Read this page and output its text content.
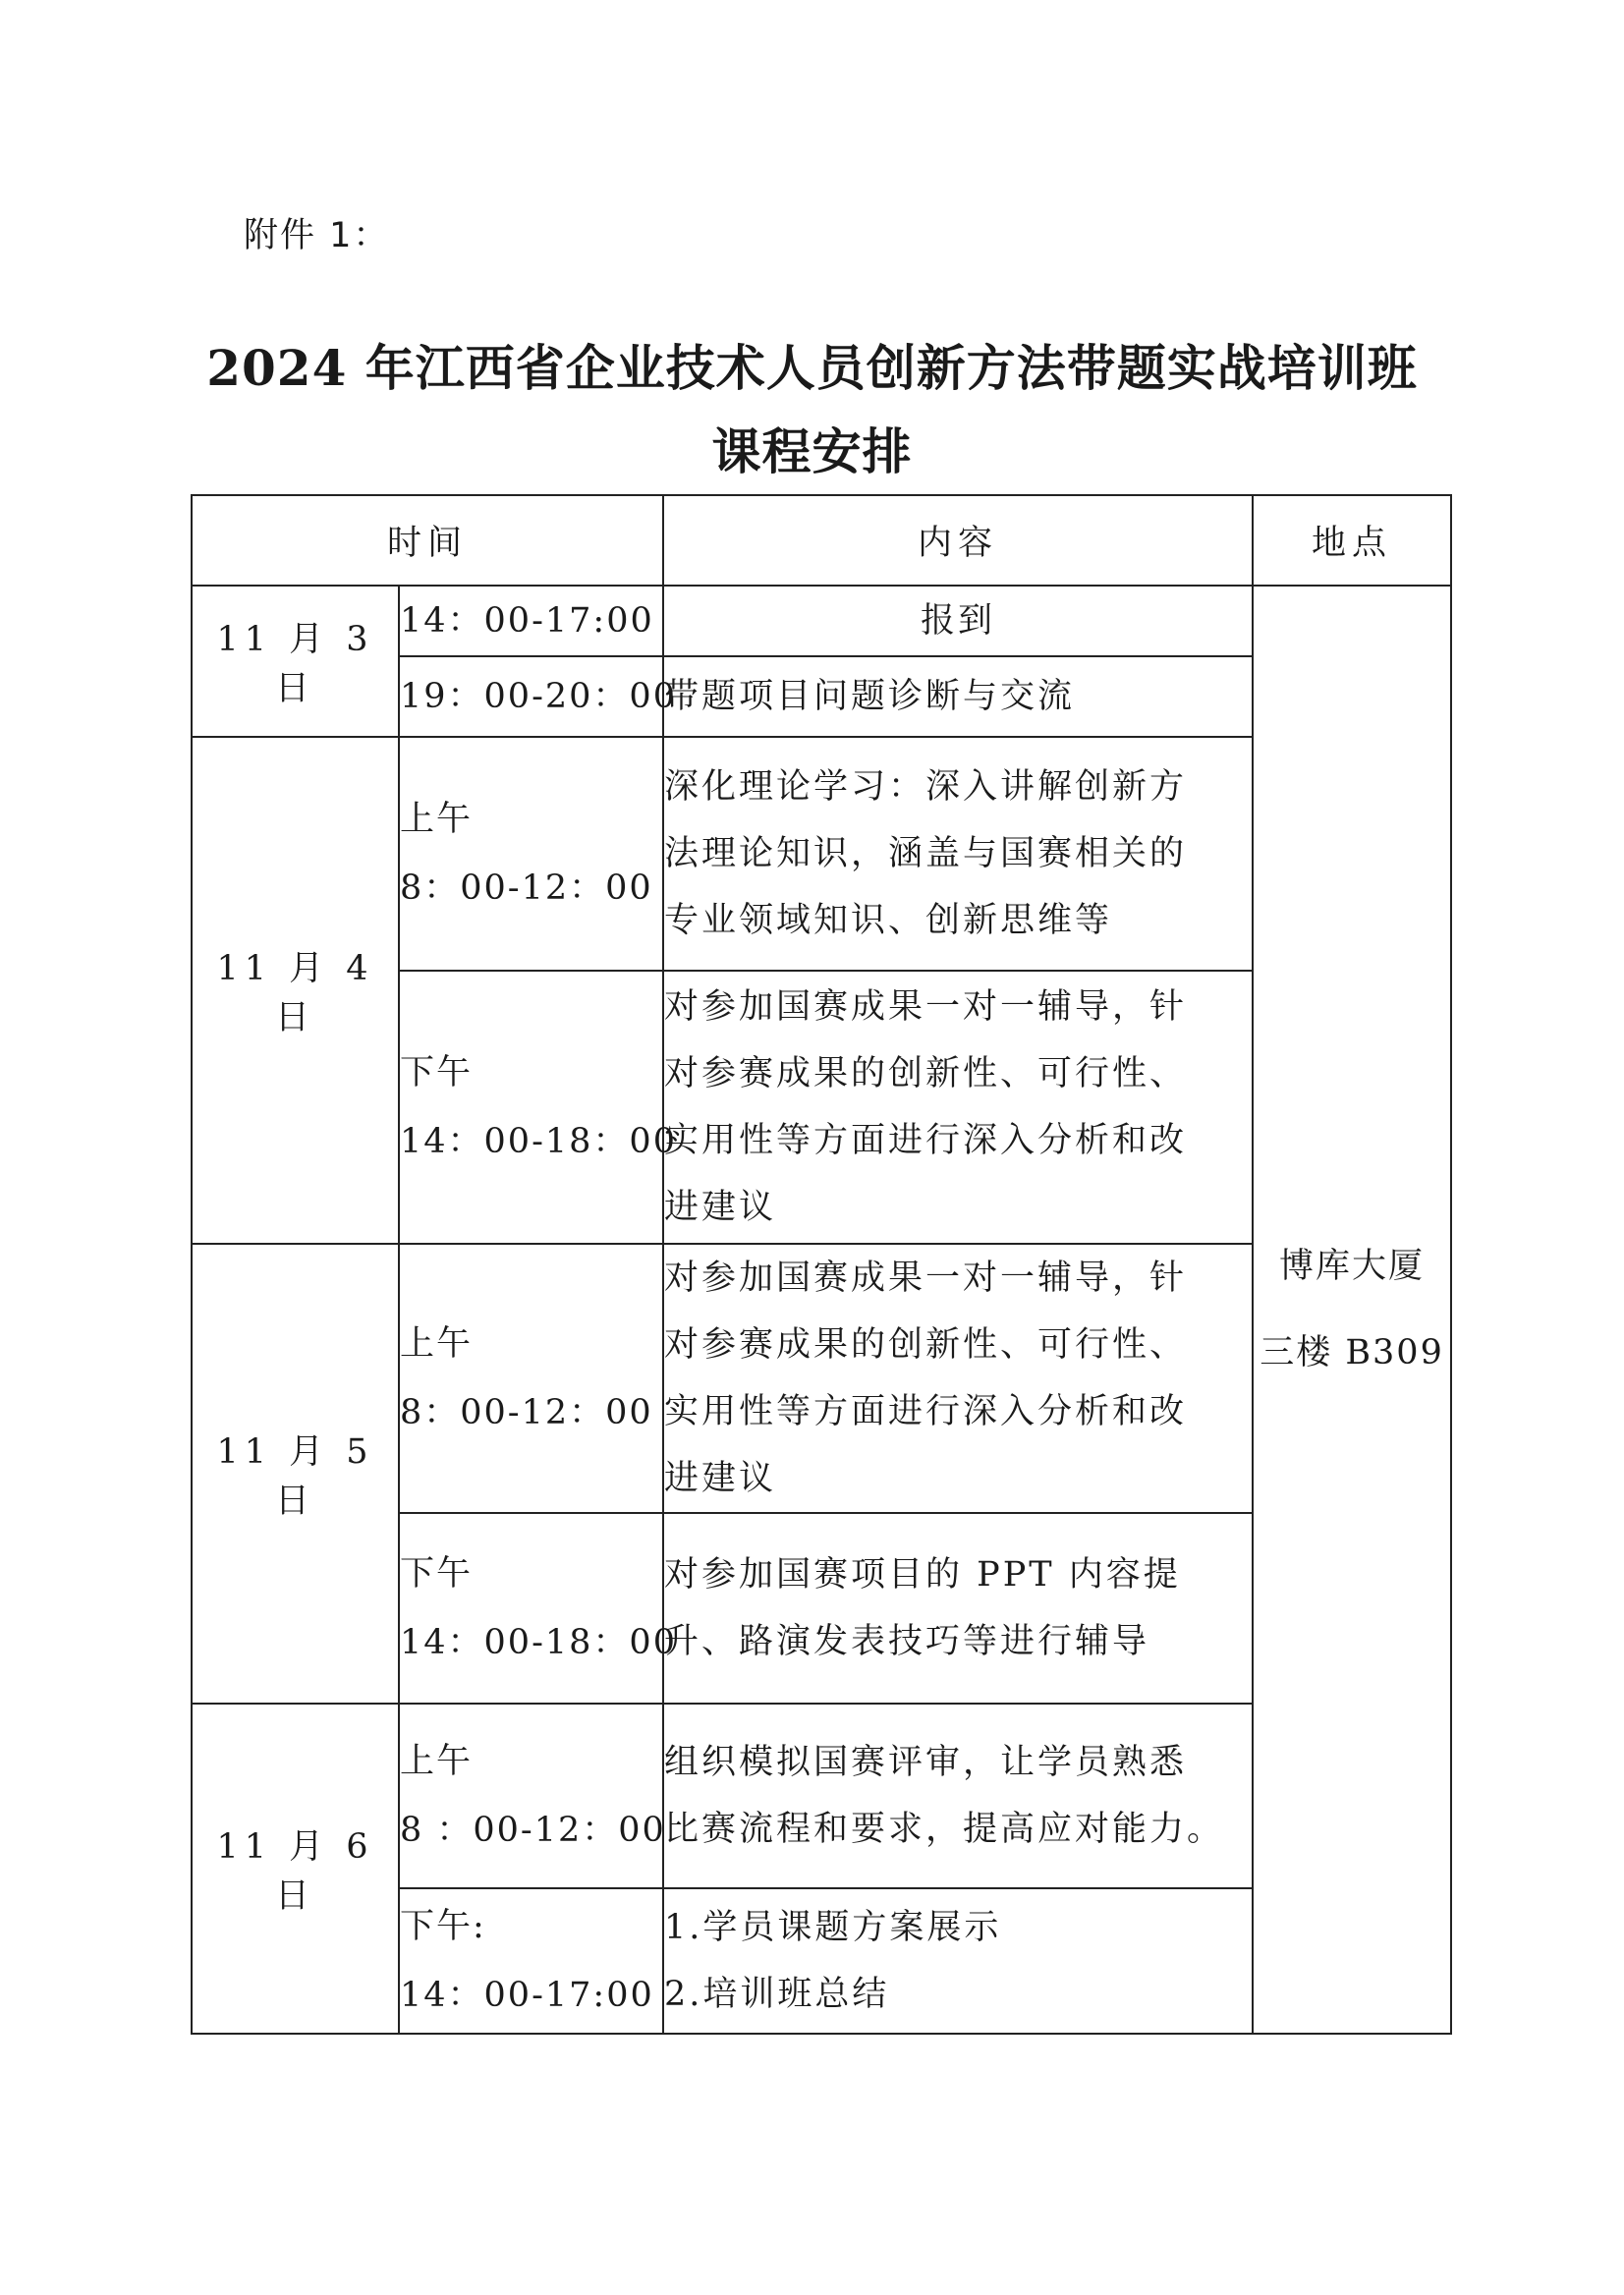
附件 1：
2024 年江西省企业技术人员创新方法带题实战培训班
课程安排
时间		内容	地点
11 月 3 日	14：00-17:00	报到	博库大厦
三楼 B309

	19：00-20：00	带题项目问题诊断与交流	

11 月 4 日	上午
8：00-12：00	深化理论学习：深入讲解创新方
法理论知识，涵盖与国赛相关的
专业领域知识、创新思维等	

	下午
14：00-18：00	对参加国赛成果一对一辅导，针
对参赛成果的创新性、可行性、
实用性等方面进行深入分析和改
进建议	

11 月 5 日	上午
8：00-12：00	对参加国赛成果一对一辅导，针
对参赛成果的创新性、可行性、
实用性等方面进行深入分析和改
进建议	

	下午
14：00-18：00	对参加国赛项目的 PPT 内容提
升、路演发表技巧等进行辅导	

11 月 6 日	上午
8 ：00-12：00	组织模拟国赛评审，让学员熟悉
比赛流程和要求，提高应对能力。	

	下午:
14：00-17:00	1.学员课题方案展示
2.培训班总结	
